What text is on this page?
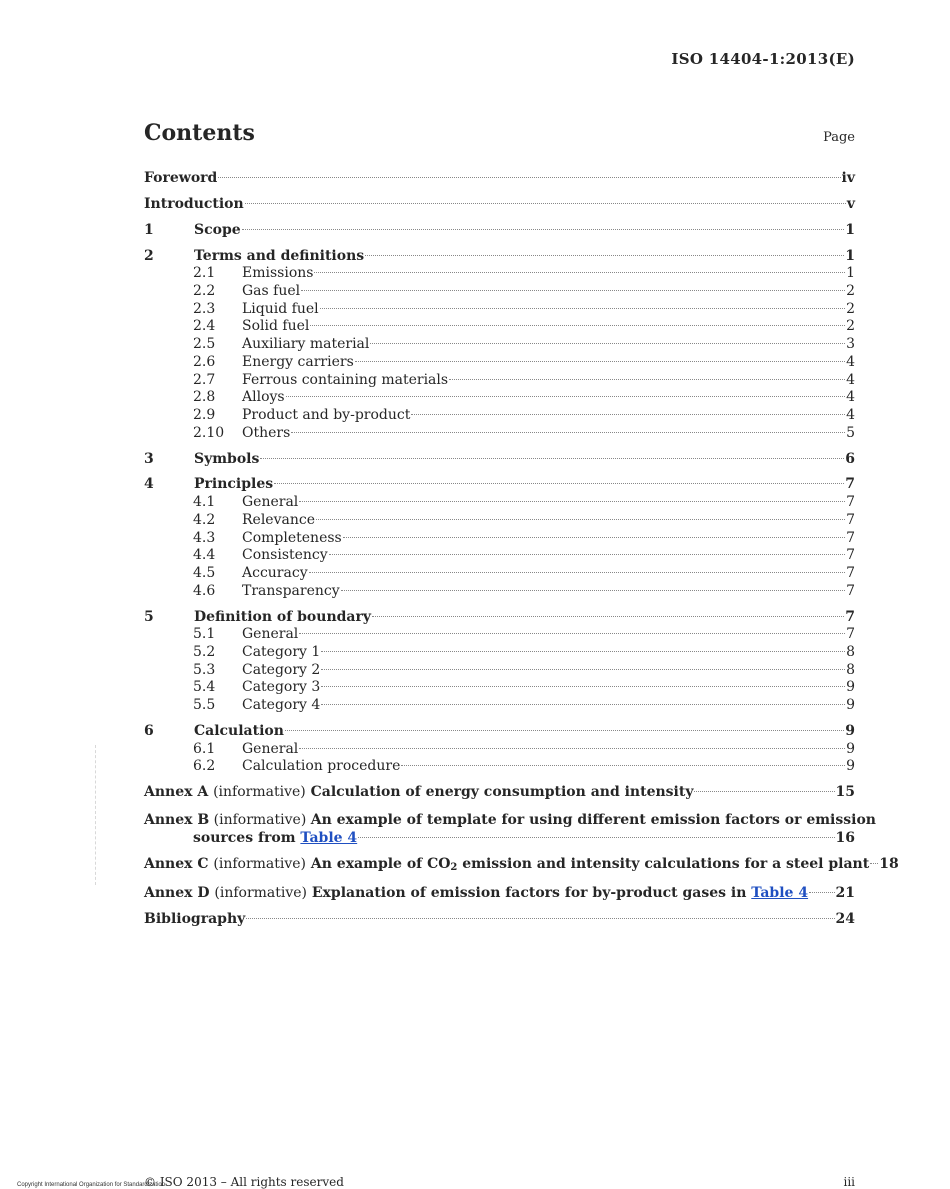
ISO 14404-1:2013(E)
Contents	Page
Foreword	iv
Introduction	v
1	Scope	1
2	Terms and definitions	1
2.1	Emissions	1
2.2	Gas fuel	2
2.3	Liquid fuel	2
2.4	Solid fuel	2
2.5	Auxiliary material	3
2.6	Energy carriers	4
2.7	Ferrous containing materials	4
2.8	Alloys	4
2.9	Product and by-product	4
2.10	Others	5
3	Symbols	6
4	Principles	7
4.1	General	7
4.2	Relevance	7
4.3	Completeness	7
4.4	Consistency	7
4.5	Accuracy	7
4.6	Transparency	7
5	Definition of boundary	7
5.1	General	7
5.2	Category 1	8
5.3	Category 2	8
5.4	Category 3	9
5.5	Category 4	9
6	Calculation	9
6.1	General	9
6.2	Calculation procedure	9
Annex A (informative) Calculation of energy consumption and intensity	15
Annex B (informative) An example of template for using different emission factors or emission
sources from Table 4	16
Annex C (informative) An example of $CO_2$ emission and intensity calculations for a steel plant 18
Annex D (informative) Explanation of emission factors for by-product gases in Table 4 21
Bibliography	24
© ISO 2013 – All rights reserved
Copyright International Organization for Standardization	iii
